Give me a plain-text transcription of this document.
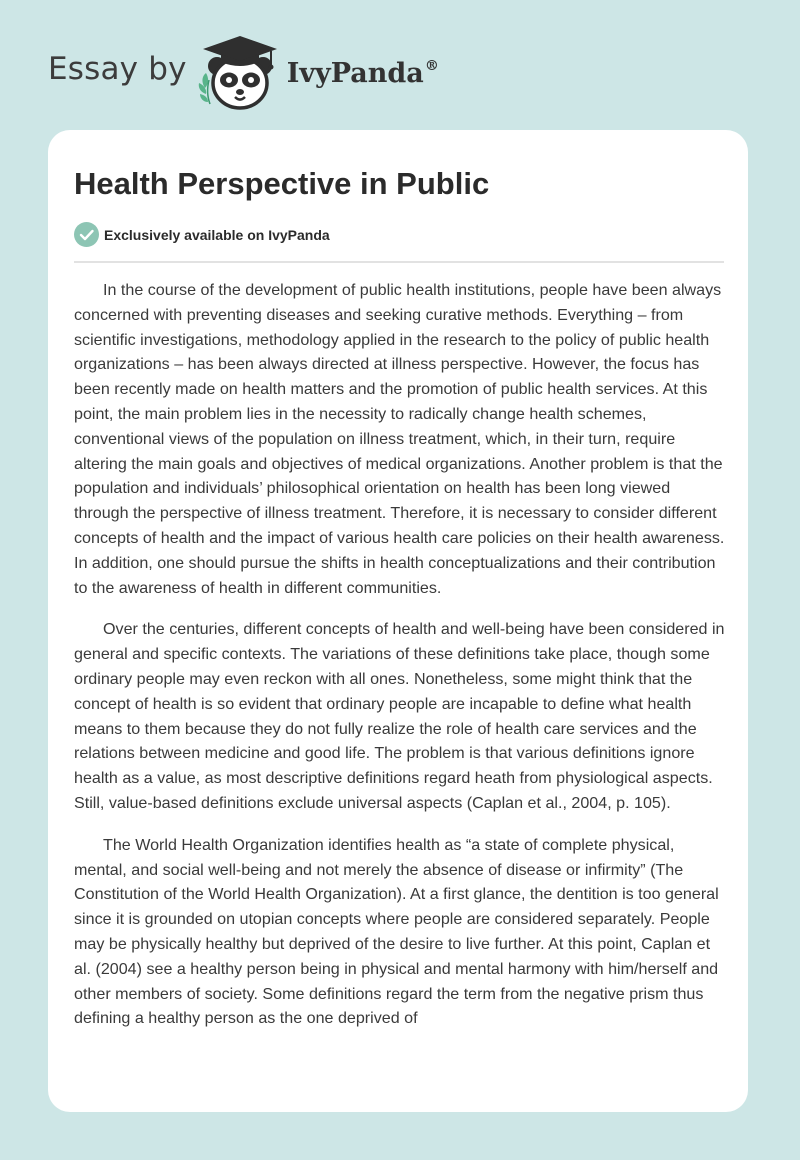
Essay by	IvyPanda®
Health Perspective in Public
Exclusively available on IvyPanda

In the course of the development of public health institutions, people have been always concerned with preventing diseases and seeking curative methods. Everything – from scientific investigations, methodology applied in the research to the policy of public health organizations – has been always directed at illness perspective. However, the focus has been recently made on health matters and the promotion of public health services. At this point, the main problem lies in the necessity to radically change health schemes, conventional views of the population on illness treatment, which, in their turn, require altering the main goals and objectives of medical organizations. Another problem is that the population and individuals’ philosophical orientation on health has been long viewed through the perspective of illness treatment. Therefore, it is necessary to consider different concepts of health and the impact of various health care policies on their health awareness. In addition, one should pursue the shifts in health conceptualizations and their contribution to the awareness of health in different communities.

Over the centuries, different concepts of health and well-being have been considered in general and specific contexts. The variations of these definitions take place, though some ordinary people may even reckon with all ones. Nonetheless, some might think that the concept of health is so evident that ordinary people are incapable to define what health means to them because they do not fully realize the role of health care services and the relations between medicine and good life. The problem is that various definitions ignore health as a value, as most descriptive definitions regard heath from physiological aspects. Still, value-based definitions exclude universal aspects (Caplan et al., 2004, p. 105).

The World Health Organization identifies health as “a state of complete physical, mental, and social well-being and not merely the absence of disease or infirmity” (The Constitution of the World Health Organization). At a first glance, the dentition is too general since it is grounded on utopian concepts where people are considered separately. People may be physically healthy but deprived of the desire to live further. At this point, Caplan et al. (2004) see a healthy person being in physical and mental harmony with him/herself and other members of society. Some definitions regard the term from the negative prism thus defining a healthy person as the one deprived of
